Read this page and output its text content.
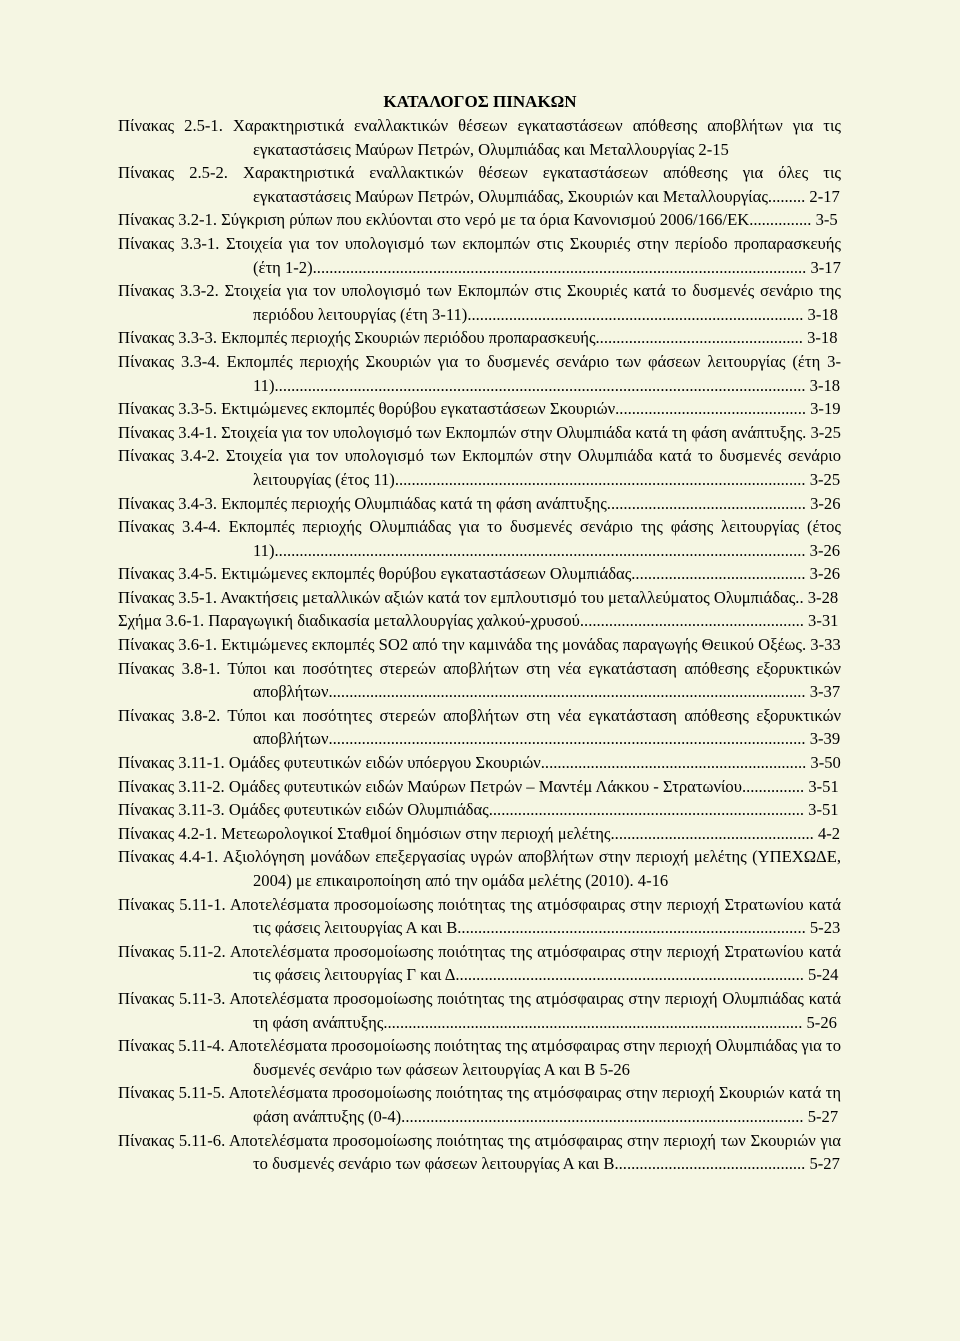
ΚΑΤΑΛΟΓΟΣ ΠΙΝΑΚΩΝ
Πίνακας 2.5-1. Χαρακτηριστικά εναλλακτικών θέσεων εγκαταστάσεων απόθεσης αποβλήτων για τις εγκαταστάσεις Μαύρων Πετρών, Ολυμπιάδας και Μεταλλουργίας 2-15
Πίνακας 2.5-2. Χαρακτηριστικά εναλλακτικών θέσεων εγκαταστάσεων απόθεσης για όλες τις εγκαταστάσεις Μαύρων Πετρών, Ολυμπιάδας, Σκουριών και Μεταλλουργίας......... 2-17
Πίνακας 3.2-1. Σύγκριση ρύπων που εκλύονται στο νερό με τα όρια Κανονισμού 2006/166/ΕΚ............... 3-5
Πίνακας 3.3-1. Στοιχεία για τον υπολογισμό των εκπομπών στις Σκουριές στην περίοδο προπαρασκευής (έτη 1-2)....................................................................................................................... 3-17
Πίνακας 3.3-2. Στοιχεία για τον υπολογισμό των Εκπομπών στις Σκουριές κατά το δυσμενές σενάριο της περιόδου λειτουργίας (έτη 3-11)................................................................................. 3-18
Πίνακας 3.3-3. Εκπομπές περιοχής Σκουριών περιόδου προπαρασκευής.................................................. 3-18
Πίνακας 3.3-4. Εκπομπές περιοχής Σκουριών για το δυσμενές σενάριο των φάσεων λειτουργίας (έτη 3-11)................................................................................................................................ 3-18
Πίνακας 3.3-5. Εκτιμώμενες εκπομπές θορύβου εγκαταστάσεων Σκουριών.............................................. 3-19
Πίνακας 3.4-1. Στοιχεία για τον υπολογισμό των Εκπομπών στην Ολυμπιάδα κατά τη φάση ανάπτυξης. 3-25
Πίνακας 3.4-2. Στοιχεία για τον υπολογισμό των Εκπομπών στην Ολυμπιάδα κατά το δυσμενές σενάριο λειτουργίας (έτος 11)................................................................................................... 3-25
Πίνακας 3.4-3. Εκπομπές περιοχής Ολυμπιάδας κατά τη φάση ανάπτυξης................................................ 3-26
Πίνακας 3.4-4. Εκπομπές περιοχής Ολυμπιάδας για το δυσμενές σενάριο της φάσης λειτουργίας (έτος 11)................................................................................................................................ 3-26
Πίνακας 3.4-5. Εκτιμώμενες εκπομπές θορύβου εγκαταστάσεων Ολυμπιάδας.......................................... 3-26
Πίνακας 3.5-1. Ανακτήσεις μεταλλικών αξιών κατά τον εμπλουτισμό του μεταλλεύματος Ολυμπιάδας.. 3-28
Σχήμα 3.6-1. Παραγωγική διαδικασία μεταλλουργίας χαλκού-χρυσού...................................................... 3-31
Πίνακας 3.6-1. Εκτιμώμενες εκπομπές SO2 από την καμινάδα της μονάδας παραγωγής Θειικού Οξέως. 3-33
Πίνακας 3.8-1. Τύποι και ποσότητες στερεών αποβλήτων στη νέα εγκατάσταση απόθεσης εξορυκτικών αποβλήτων................................................................................................................... 3-37
Πίνακας 3.8-2. Τύποι και ποσότητες στερεών αποβλήτων στη νέα εγκατάσταση απόθεσης εξορυκτικών αποβλήτων................................................................................................................... 3-39
Πίνακας 3.11-1. Ομάδες φυτευτικών ειδών υπόεργου Σκουριών................................................................ 3-50
Πίνακας 3.11-2. Ομάδες φυτευτικών ειδών Μαύρων Πετρών – Μαντέμ Λάκκου - Στρατωνίου............... 3-51
Πίνακας 3.11-3. Ομάδες φυτευτικών ειδών Ολυμπιάδας............................................................................ 3-51
Πίνακας 4.2-1. Μετεωρολογικοί Σταθμοί δημόσιων στην περιοχή μελέτης................................................. 4-2
Πίνακας 4.4-1. Αξιολόγηση μονάδων επεξεργασίας υγρών αποβλήτων στην περιοχή μελέτης (ΥΠΕΧΩΔΕ, 2004) με επικαιροποίηση από την ομάδα μελέτης (2010). 4-16
Πίνακας 5.11-1. Αποτελέσματα προσομοίωσης ποιότητας της ατμόσφαιρας στην περιοχή Στρατωνίου κατά τις φάσεις λειτουργίας Α και Β.................................................................................... 5-23
Πίνακας 5.11-2. Αποτελέσματα προσομοίωσης ποιότητας της ατμόσφαιρας στην περιοχή Στρατωνίου κατά τις φάσεις λειτουργίας Γ και Δ.................................................................................... 5-24
Πίνακας 5.11-3. Αποτελέσματα προσομοίωσης ποιότητας της ατμόσφαιρας στην περιοχή Ολυμπιάδας κατά τη φάση ανάπτυξης..................................................................................................... 5-26
Πίνακας 5.11-4. Αποτελέσματα προσομοίωσης ποιότητας της ατμόσφαιρας στην περιοχή Ολυμπιάδας για το δυσμενές σενάριο των φάσεων λειτουργίας Α και Β 5-26
Πίνακας 5.11-5. Αποτελέσματα προσομοίωσης ποιότητας της ατμόσφαιρας στην περιοχή Σκουριών κατά τη φάση ανάπτυξης (0-4)................................................................................................. 5-27
Πίνακας 5.11-6. Αποτελέσματα προσομοίωσης ποιότητας της ατμόσφαιρας στην περιοχή των Σκουριών για το δυσμενές σενάριο των φάσεων λειτουργίας Α και Β.............................................. 5-27
